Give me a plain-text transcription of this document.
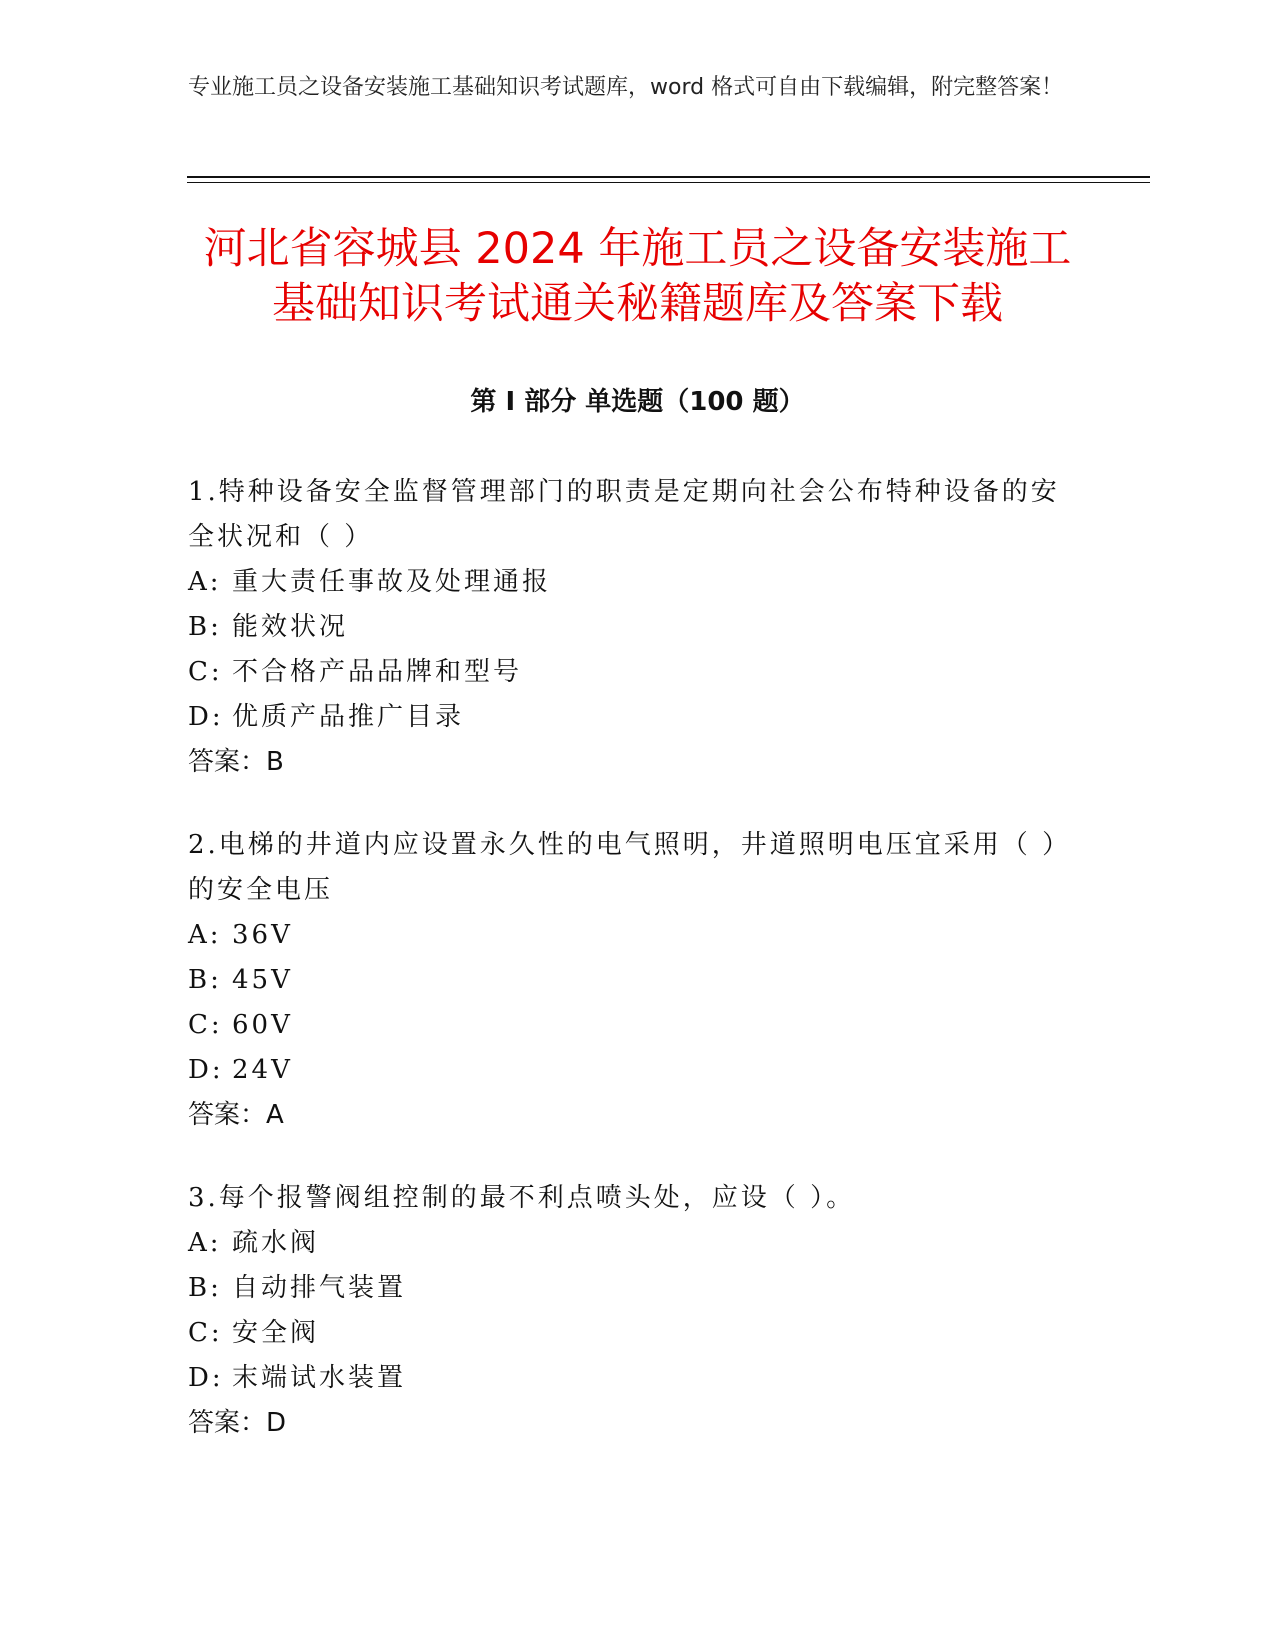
专业施工员之设备安装施工基础知识考试题库，word 格式可自由下载编辑，附完整答案！
河北省容城县 2024 年施工员之设备安装施工
基础知识考试通关秘籍题库及答案下载
第 I 部分 单选题（100 题）

1.特种设备安全监督管理部门的职责是定期向社会公布特种设备的安全状况和（ ）

A: 重大责任事故及处理通报

B: 能效状况

C: 不合格产品品牌和型号

D: 优质产品推广目录

答案：B

2.电梯的井道内应设置永久性的电气照明，井道照明电压宜采用（ ）的安全电压

A: 36V

B: 45V

C: 60V

D: 24V

答案：A

3.每个报警阀组控制的最不利点喷头处，应设（ ）。

A: 疏水阀

B: 自动排气装置

C: 安全阀

D: 末端试水装置

答案：D
